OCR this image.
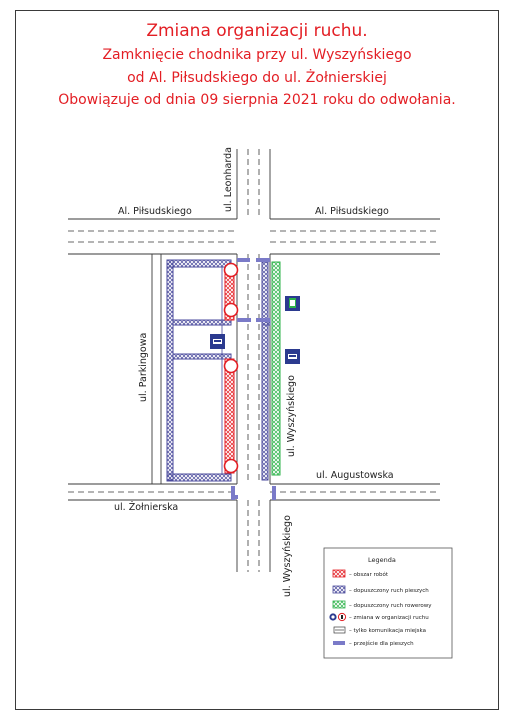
Zmiana organizacji ruchu.
Zamknięcie chodnika przy ul. Wyszyńskiego
od Al. Piłsudskiego do ul. Żołnierskiej
Obowiązuje od dnia 09 sierpnia 2021 roku do odwołania.
ul. Leonharda
Al. Piłsudskiego	Al. Piłsudskiego
ul. Parkingowa
ul. Wyszyńskiego
ul. Augustowska
ul. Żołnierska
ul. Wyszyńskiego	Legenda
– obszar robót
– dopuszczony ruch pieszych
– dopuszczony ruch rowerowy
– zmiana w organizacji ruchu
– tylko komunikacja miejska
– przejście dla pieszych
